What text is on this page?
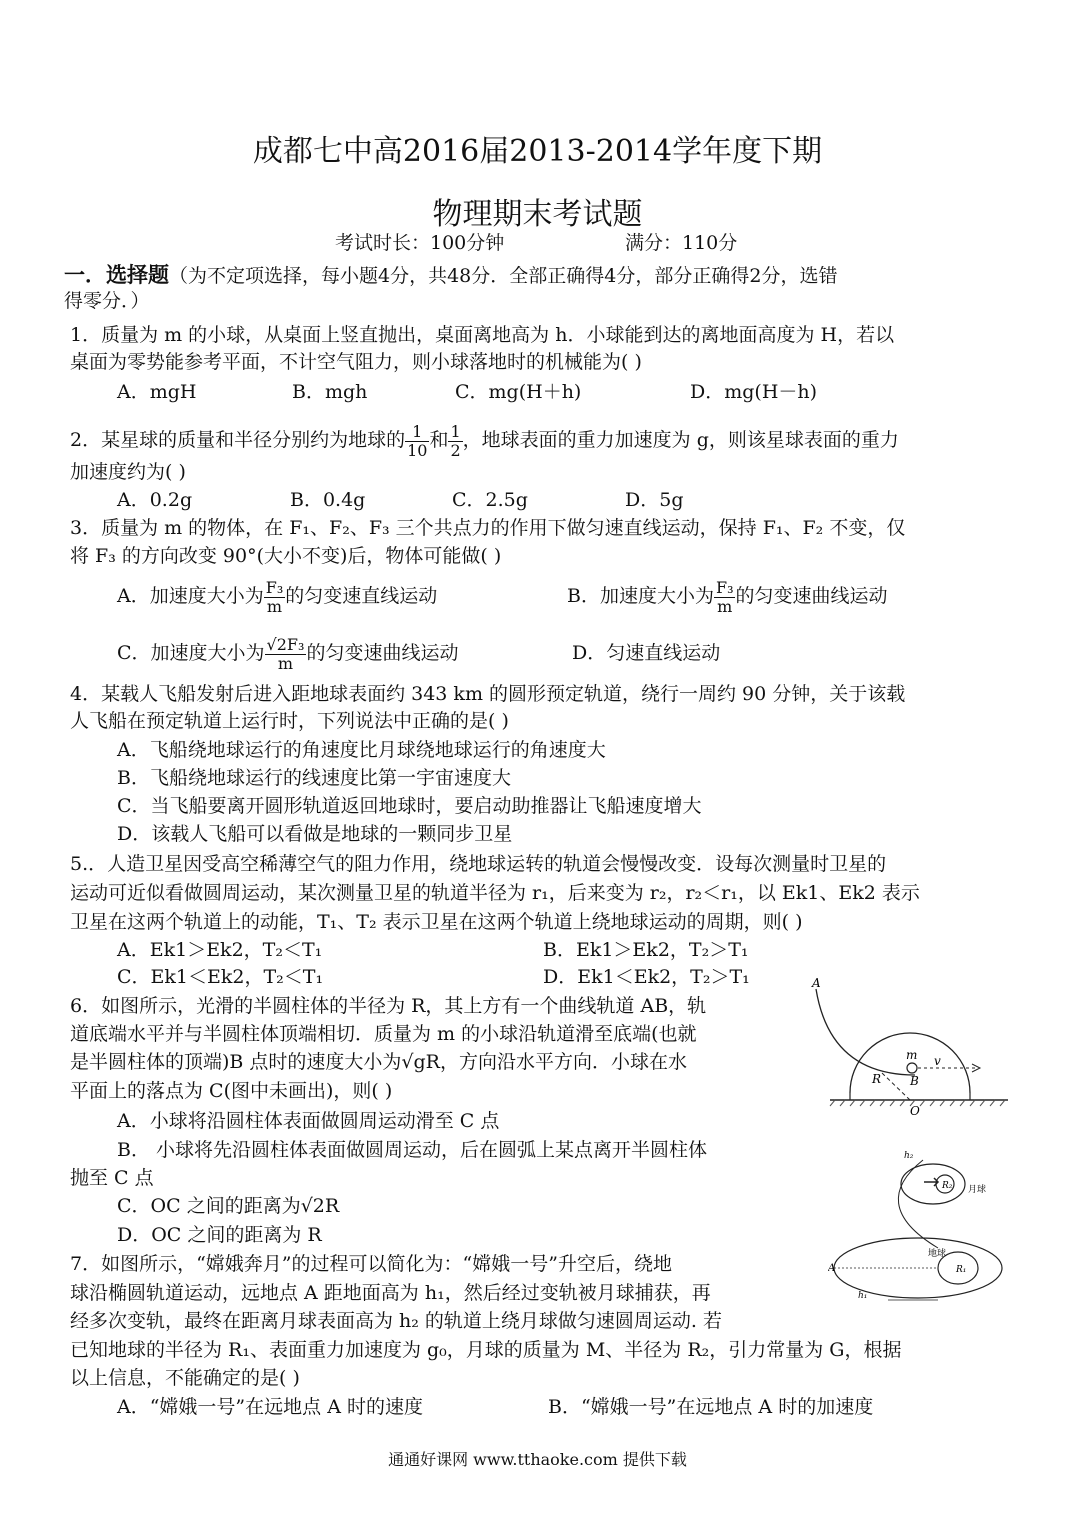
成都七中高2016届2013-2014学年度下期
物理期末考试题
考试时长：100分钟	满分：110分
一．选择题（为不定项选择，每小题4分，共48分．全部正确得4分，部分正确得2分，选错
得零分．）
1．质量为 m 的小球，从桌面上竖直抛出，桌面离地高为 h．小球能到达的离地面高度为 H，若以
桌面为零势能参考平面，不计空气阻力，则小球落地时的机械能为( )
A．mgH	B．mgh	C．mg(H＋h)	D．mg(H－h)
2．某星球的质量和半径分别约为地球的 $\frac{1}{10}$ 和 $\frac{1}{2}$ ，地球表面的重力加速度为 g，则该星球表面的重力
加速度约为( )
A．0.2g	B．0.4g	C．2.5g	D．5g
3．质量为 m 的物体，在 F₁、F₂、F₃ 三个共点力的作用下做匀速直线运动，保持 F₁、F₂ 不变，仅
将 F₃ 的方向改变 90°(大小不变)后，物体可能做( )
A．加速度大小为 $\frac{\text{F₃}}{m}$ 的匀变速直线运动	B．加速度大小为 $\frac{\text{F₃}}{m}$ 的匀变速曲线运动
C．加速度大小为 $\frac{\text{√2F₃}}{m}$ 的匀变速曲线运动	D．匀速直线运动
4．某载人飞船发射后进入距地球表面约 343 km 的圆形预定轨道，绕行一周约 90 分钟，关于该载
人飞船在预定轨道上运行时，下列说法中正确的是( )
A．飞船绕地球运行的角速度比月球绕地球运行的角速度大
B．飞船绕地球运行的线速度比第一宇宙速度大
C．当飞船要离开圆形轨道返回地球时，要启动助推器让飞船速度增大
D．该载人飞船可以看做是地球的一颗同步卫星
5.．人造卫星因受高空稀薄空气的阻力作用，绕地球运转的轨道会慢慢改变．设每次测量时卫星的
运动可近似看做圆周运动，某次测量卫星的轨道半径为 r₁，后来变为 r₂，r₂＜r₁，以 Ek1、Ek2 表示
卫星在这两个轨道上的动能，T₁、T₂ 表示卫星在这两个轨道上绕地球运动的周期，则( )
A．Ek1＞Ek2，T₂＜T₁	B．Ek1＞Ek2，T₂＞T₁
C．Ek1＜Ek2，T₂＜T₁	D．Ek1＜Ek2，T₂＞T₁
6．如图所示，光滑的半圆柱体的半径为 R，其上方有一个曲线轨道 AB，轨
道底端水平并与半圆柱体顶端相切．质量为 m 的小球沿轨道滑至底端(也就
是半圆柱体的顶端)B 点时的速度大小为√gR，方向沿水平方向．小球在水
平面上的落点为 C(图中未画出)，则( )
A．小球将沿圆柱体表面做圆周运动滑至 C 点
B． 小球将先沿圆柱体表面做圆周运动，后在圆弧上某点离开半圆柱体
抛至 C 点
C．OC 之间的距离为√2R
D．OC 之间的距离为 R
A
m v
B
R
O
7．如图所示，“嫦娥奔月”的过程可以简化为：“嫦娥一号”升空后，绕地
球沿椭圆轨道运动，远地点 A 距地面高为 h₁，然后经过变轨被月球捕获，再
经多次变轨，最终在距离月球表面高为 h₂ 的轨道上绕月球做匀速圆周运动. 若
已知地球的半径为 R₁、表面重力加速度为 g₀，月球的质量为 M、半径为 R₂，引力常量为 G，根据
以上信息，不能确定的是( )
A．“嫦娥一号”在远地点 A 时的速度	B．“嫦娥一号”在远地点 A 时的加速度
h₂
R₂ 月球
A
地球
R₁
h₁
通通好课网 www.tthaoke.com 提供下载
